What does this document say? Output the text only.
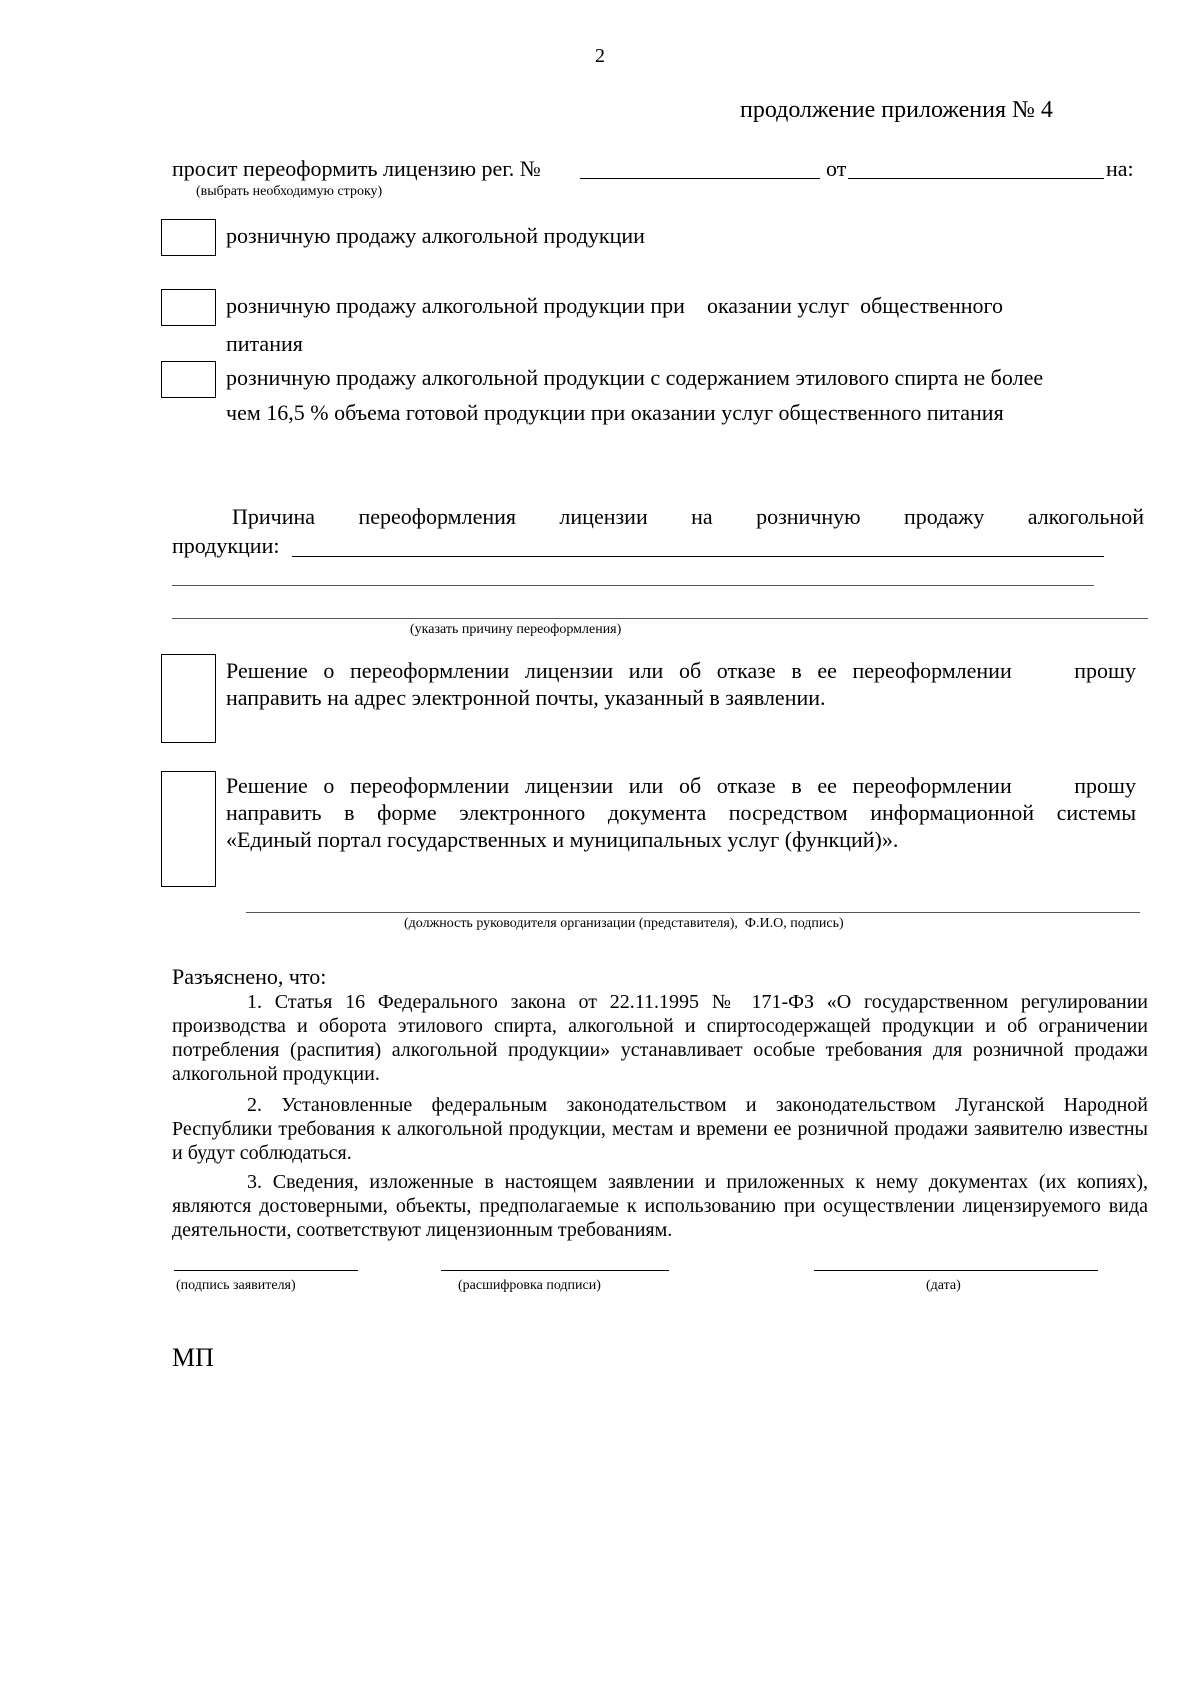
2
продолжение приложения № 4
просит переоформить лицензию рег. №	от	на:
(выбрать необходимую строку)
розничную продажу алкогольной продукции
розничную продажу алкогольной продукции при    оказании услуг  общественного
питания
розничную продажу алкогольной продукции с содержанием этилового спирта не более
чем 16,5 % объема готовой продукции при оказании услуг общественного питания
Причина переоформления лицензии на розничную продажу алкогольной
продукции:
(указать причину переоформления)
Решение о переоформлении лицензии или об отказе в ее переоформлении    прошу
направить на адрес электронной почты, указанный в заявлении.
Решение о переоформлении лицензии или об отказе в ее переоформлении    прошу
направить в форме электронного документа посредством информационной системы
«Единый портал государственных и муниципальных услуг (функций)».
(должность руководителя организации (представителя),  Ф.И.О, подпись)
Разъяснено, что:
1. Статья 16 Федерального закона от 22.11.1995 № 171-ФЗ «О государственном регулировании производства и оборота этилового спирта, алкогольной и спиртосодержащей продукции и об ограничении потребления (распития) алкогольной продукции» устанавливает особые требования для розничной продажи алкогольной продукции.
2. Установленные федеральным законодательством и законодательством Луганской Народной Республики требования к алкогольной продукции, местам и времени ее розничной продажи заявителю известны и будут соблюдаться.
3. Сведения, изложенные в настоящем заявлении и приложенных к нему документах (их копиях), являются достоверными, объекты, предполагаемые к использованию при осуществлении лицензируемого вида деятельности, соответствуют лицензионным требованиям.
(подпись заявителя)	(расшифровка подписи)	(дата)
МП
